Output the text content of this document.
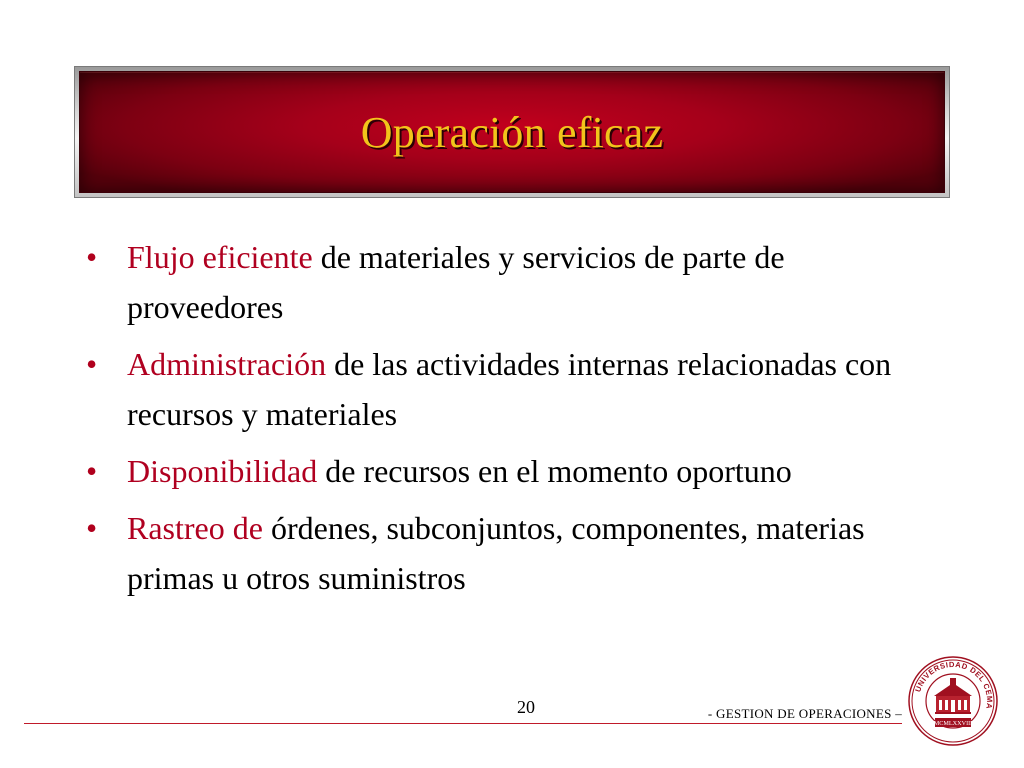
Operación eficaz
• Flujo eficiente de materiales y servicios de parte de proveedores
• Administración de las actividades internas relacionadas con recursos y materiales
• Disponibilidad de recursos en el momento oportuno
• Rastreo de órdenes, subconjuntos, componentes, materias primas u otros suministros
20	- GESTION DE OPERACIONES –
UNIVERSIDAD DEL CEMA
MCMLXXVIII
